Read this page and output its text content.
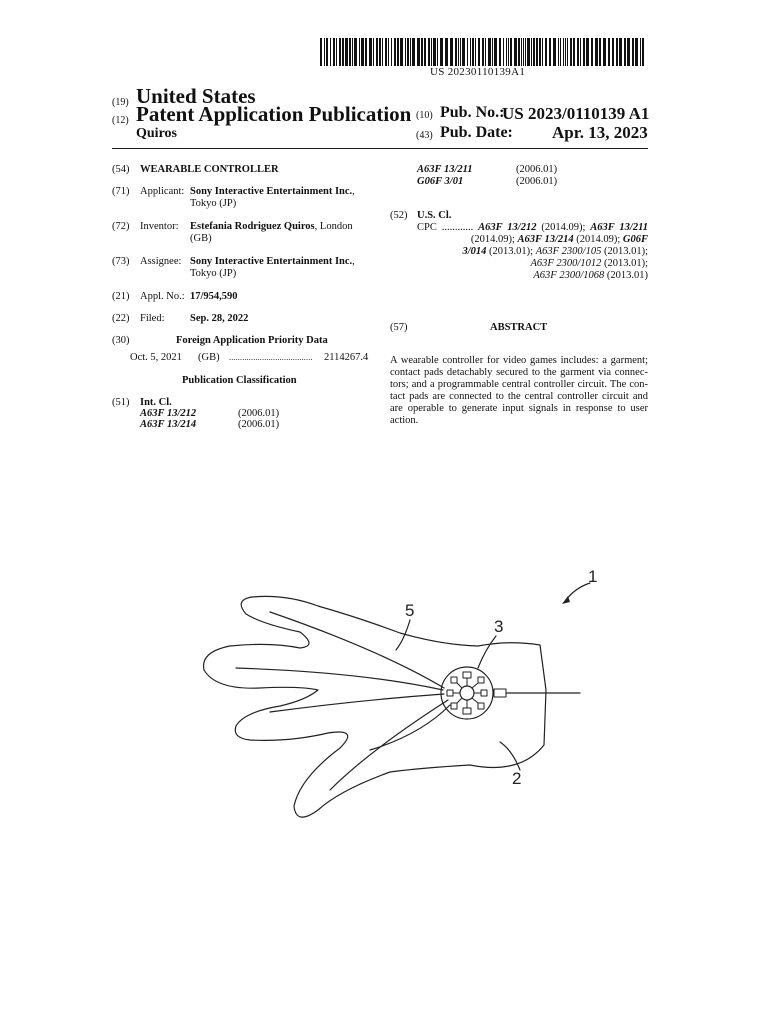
US 20230110139A1
(19) United States
(12) Patent Application Publication
Quiros
(10) Pub. No.:
US 2023/0110139 A1
(43) Pub. Date: Apr. 13, 2023
(54) WEARABLE CONTROLLER
(71) Applicant: Sony Interactive Entertainment Inc.,
Tokyo (JP)
(72) Inventor: Estefania Rodriguez Quiros, London
(GB)
(73) Assignee: Sony Interactive Entertainment Inc.,
Tokyo (JP)
(21) Appl. No.: 17/954,590
(22) Filed: Sep. 28, 2022
(30)	Foreign Application Priority Data
Oct. 5, 2021 (GB) ...................................... 2114267.4
Publication Classification
(51) Int. Cl.
A63F 13/212	(2006.01)
A63F 13/214	(2006.01)
A63F 13/211	(2006.01)
G06F 3/01	(2006.01)
(52) U.S. Cl.
CPC ............ A63F 13/212 (2014.09); A63F 13/211
(2014.09); A63F 13/214 (2014.09); G06F
3/014 (2013.01); A63F 2300/105 (2013.01);
A63F 2300/1012 (2013.01);
A63F 2300/1068 (2013.01)
(57)	ABSTRACT
A wearable controller for video games includes: a garment;
contact pads detachably secured to the garment via connec-
tors; and a programmable central controller circuit. The con-
tact pads are connected to the central controller circuit and
are operable to generate input signals in response to user
action.
1
3
5
2
